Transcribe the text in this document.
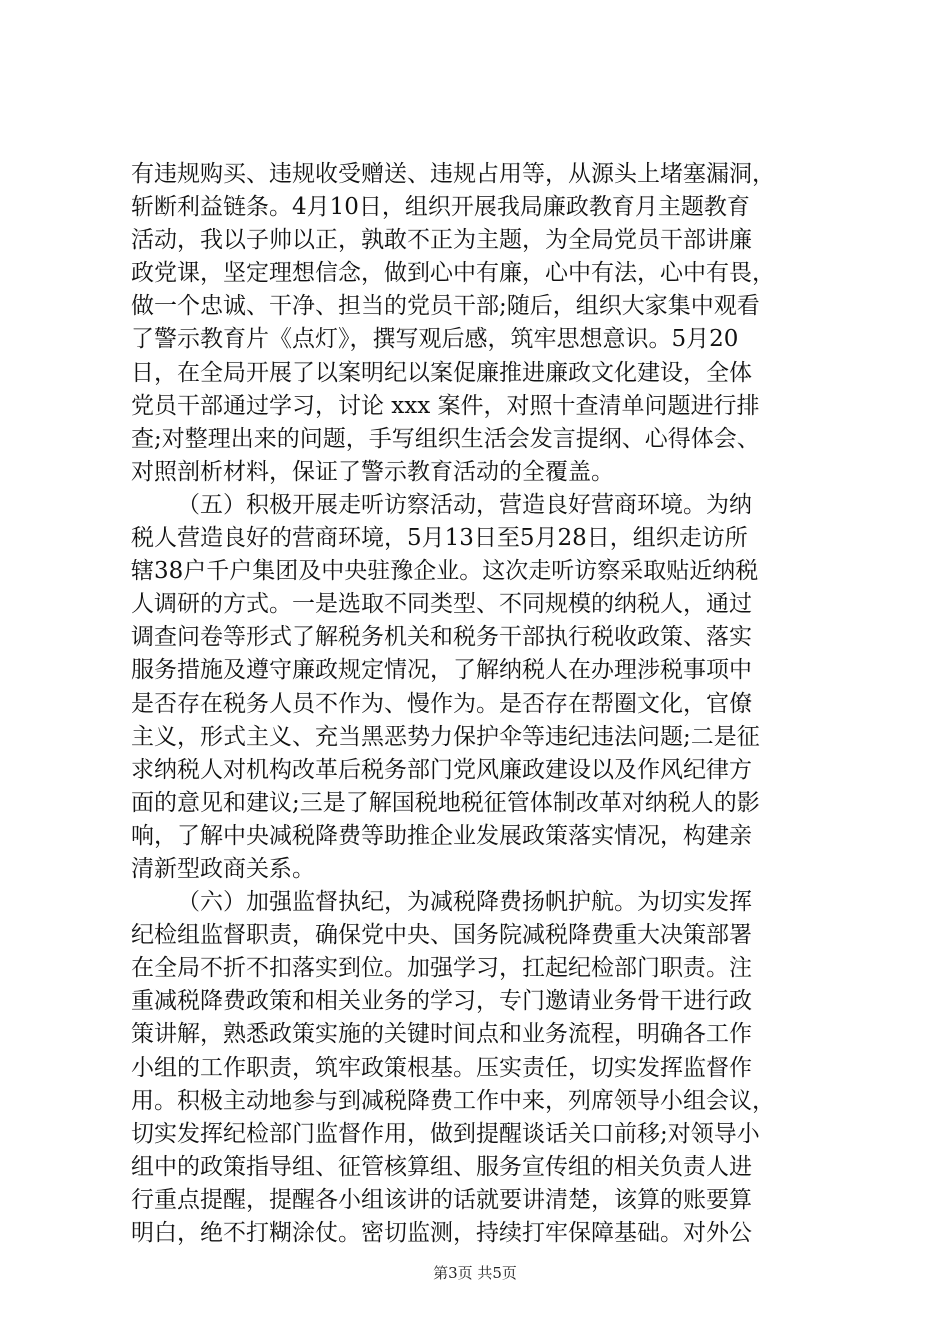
有违规购买、违规收受赠送、违规占用等，从源头上堵塞漏洞，
斩断利益链条。4月10日，组织开展我局廉政教育月主题教育
活动，我以子帅以正，孰敢不正为主题，为全局党员干部讲廉
政党课，坚定理想信念，做到心中有廉，心中有法，心中有畏，
做一个忠诚、干净、担当的党员干部;随后，组织大家集中观看
了警示教育片《点灯》，撰写观后感，筑牢思想意识。5月20
日，在全局开展了以案明纪以案促廉推进廉政文化建设，全体
党员干部通过学习，讨论 xxx 案件，对照十查清单问题进行排
查;对整理出来的问题，手写组织生活会发言提纲、心得体会、
对照剖析材料，保证了警示教育活动的全覆盖。
（五）积极开展走听访察活动，营造良好营商环境。为纳
税人营造良好的营商环境，5月13日至5月28日，组织走访所
辖38户千户集团及中央驻豫企业。这次走听访察采取贴近纳税
人调研的方式。一是选取不同类型、不同规模的纳税人，通过
调查问卷等形式了解税务机关和税务干部执行税收政策、落实
服务措施及遵守廉政规定情况，了解纳税人在办理涉税事项中
是否存在税务人员不作为、慢作为。是否存在帮圈文化，官僚
主义，形式主义、充当黑恶势力保护伞等违纪违法问题;二是征
求纳税人对机构改革后税务部门党风廉政建设以及作风纪律方
面的意见和建议;三是了解国税地税征管体制改革对纳税人的影
响，了解中央减税降费等助推企业发展政策落实情况，构建亲
清新型政商关系。
（六）加强监督执纪，为减税降费扬帆护航。为切实发挥
纪检组监督职责，确保党中央、国务院减税降费重大决策部署
在全局不折不扣落实到位。加强学习，扛起纪检部门职责。注
重减税降费政策和相关业务的学习，专门邀请业务骨干进行政
策讲解，熟悉政策实施的关键时间点和业务流程，明确各工作
小组的工作职责，筑牢政策根基。压实责任，切实发挥监督作
用。积极主动地参与到减税降费工作中来，列席领导小组会议，
切实发挥纪检部门监督作用，做到提醒谈话关口前移;对领导小
组中的政策指导组、征管核算组、服务宣传组的相关负责人进
行重点提醒，提醒各小组该讲的话就要讲清楚，该算的账要算
明白，绝不打糊涂仗。密切监测，持续打牢保障基础。对外公
第3页 共5页
